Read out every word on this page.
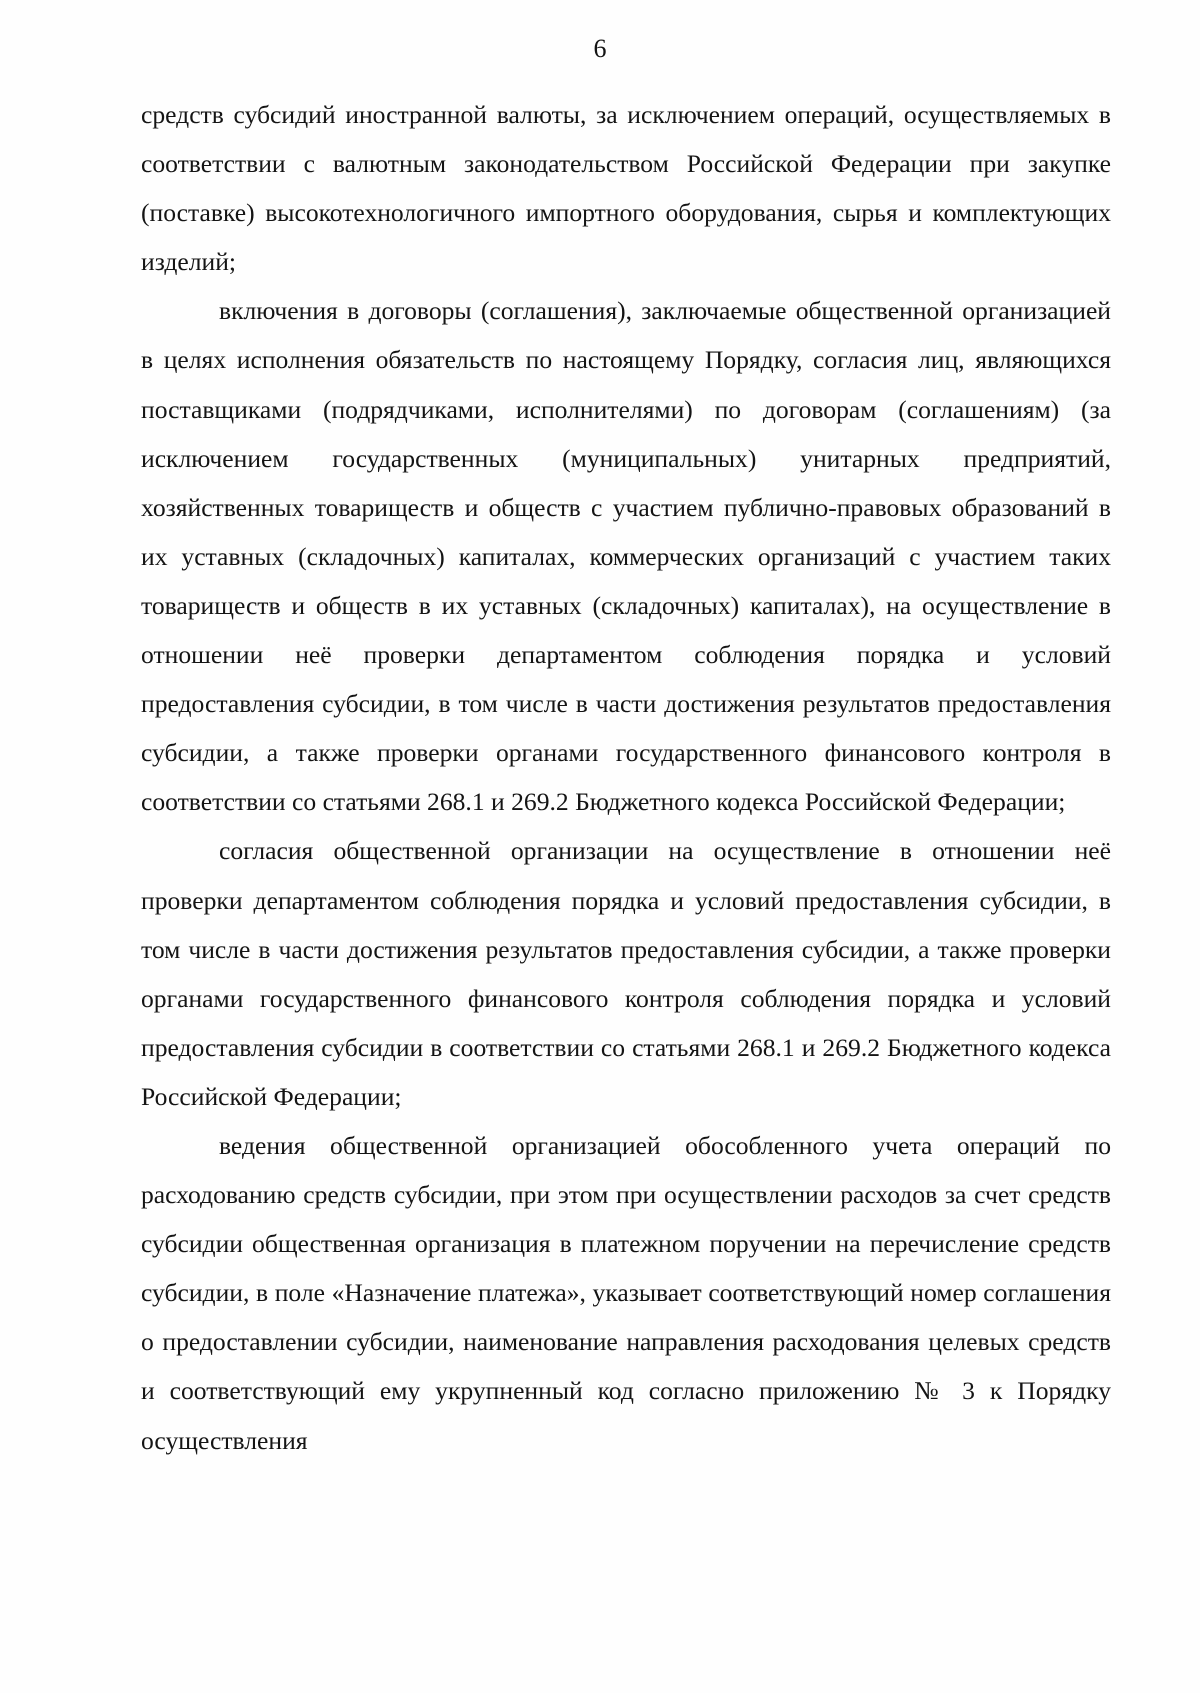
6

средств субсидий иностранной валюты, за исключением операций, осуществляемых в соответствии с валютным законодательством Российской Федерации при закупке (поставке) высокотехнологичного импортного оборудования, сырья и комплектующих изделий;

включения в договоры (соглашения), заключаемые общественной организацией в целях исполнения обязательств по настоящему Порядку, согласия лиц, являющихся поставщиками (подрядчиками, исполнителями) по договорам (соглашениям) (за исключением государственных (муниципальных) унитарных предприятий, хозяйственных товариществ и обществ с участием публично-правовых образований в их уставных (складочных) капиталах, коммерческих организаций с участием таких товариществ и обществ в их уставных (складочных) капиталах), на осуществление в отношении неё проверки департаментом соблюдения порядка и условий предоставления субсидии, в том числе в части достижения результатов предоставления субсидии, а также проверки органами государственного финансового контроля в соответствии со статьями 268.1 и 269.2 Бюджетного кодекса Российской Федерации;

согласия общественной организации на осуществление в отношении неё проверки департаментом соблюдения порядка и условий предоставления субсидии, в том числе в части достижения результатов предоставления субсидии, а также проверки органами государственного финансового контроля соблюдения порядка и условий предоставления субсидии в соответствии со статьями 268.1 и 269.2 Бюджетного кодекса Российской Федерации;

ведения общественной организацией обособленного учета операций по расходованию средств субсидии, при этом при осуществлении расходов за счет средств субсидии общественная организация в платежном поручении на перечисление средств субсидии, в поле «Назначение платежа», указывает соответствующий номер соглашения о предоставлении субсидии, наименование направления расходования целевых средств и соответствующий ему укрупненный код согласно приложению № 3 к Порядку осуществления
